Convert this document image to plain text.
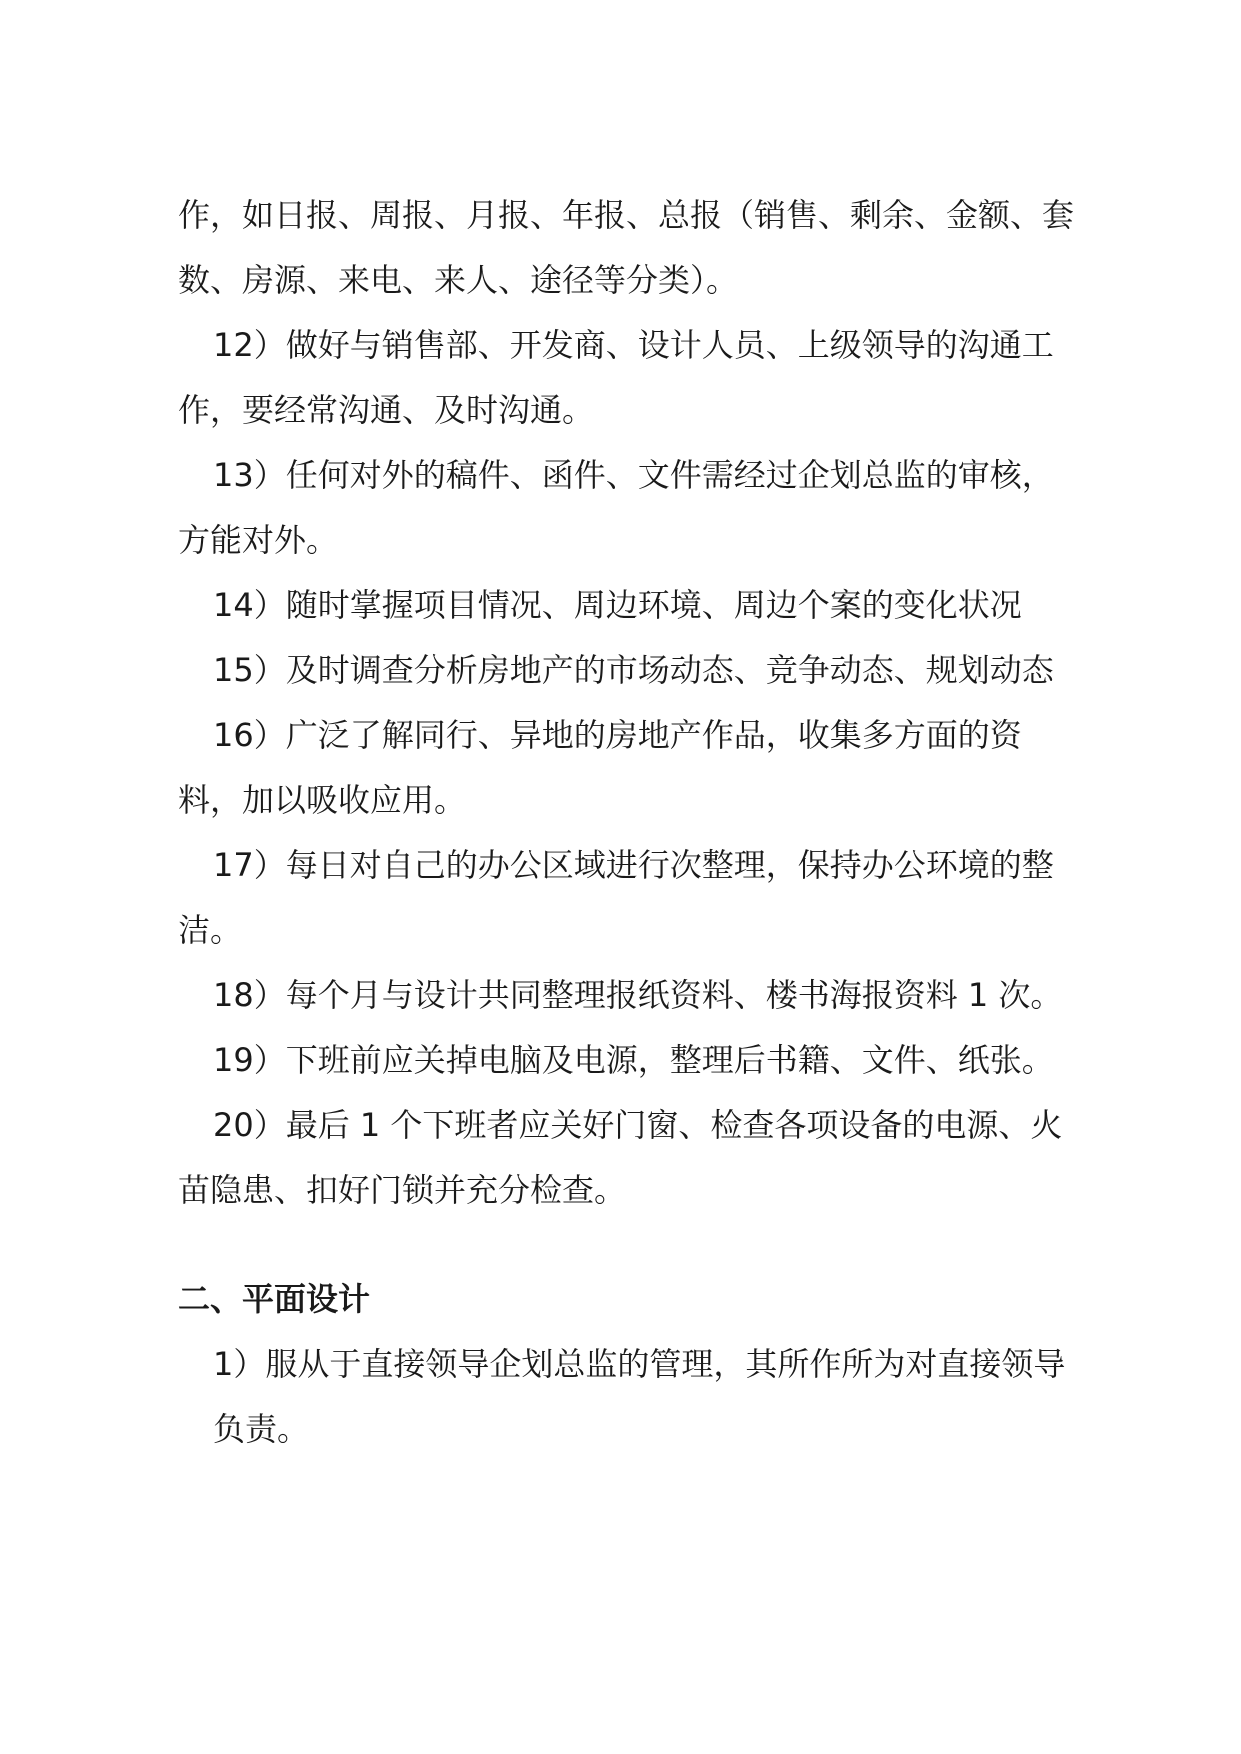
作，如日报、周报、月报、年报、总报（销售、剩余、金额、套数、房源、来电、来人、途径等分类）。

12）做好与销售部、开发商、设计人员、上级领导的沟通工作，要经常沟通、及时沟通。

13）任何对外的稿件、函件、文件需经过企划总监的审核，方能对外。

14）随时掌握项目情况、周边环境、周边个案的变化状况

15）及时调查分析房地产的市场动态、竞争动态、规划动态

16）广泛了解同行、异地的房地产作品，收集多方面的资料，加以吸收应用。

17）每日对自己的办公区域进行次整理，保持办公环境的整洁。

18）每个月与设计共同整理报纸资料、楼书海报资料 1 次。

19）下班前应关掉电脑及电源，整理后书籍、文件、纸张。

20）最后 1 个下班者应关好门窗、检查各项设备的电源、火苗隐患、扣好门锁并充分检查。

二、平面设计

1）服从于直接领导企划总监的管理，其所作所为对直接领导负责。
